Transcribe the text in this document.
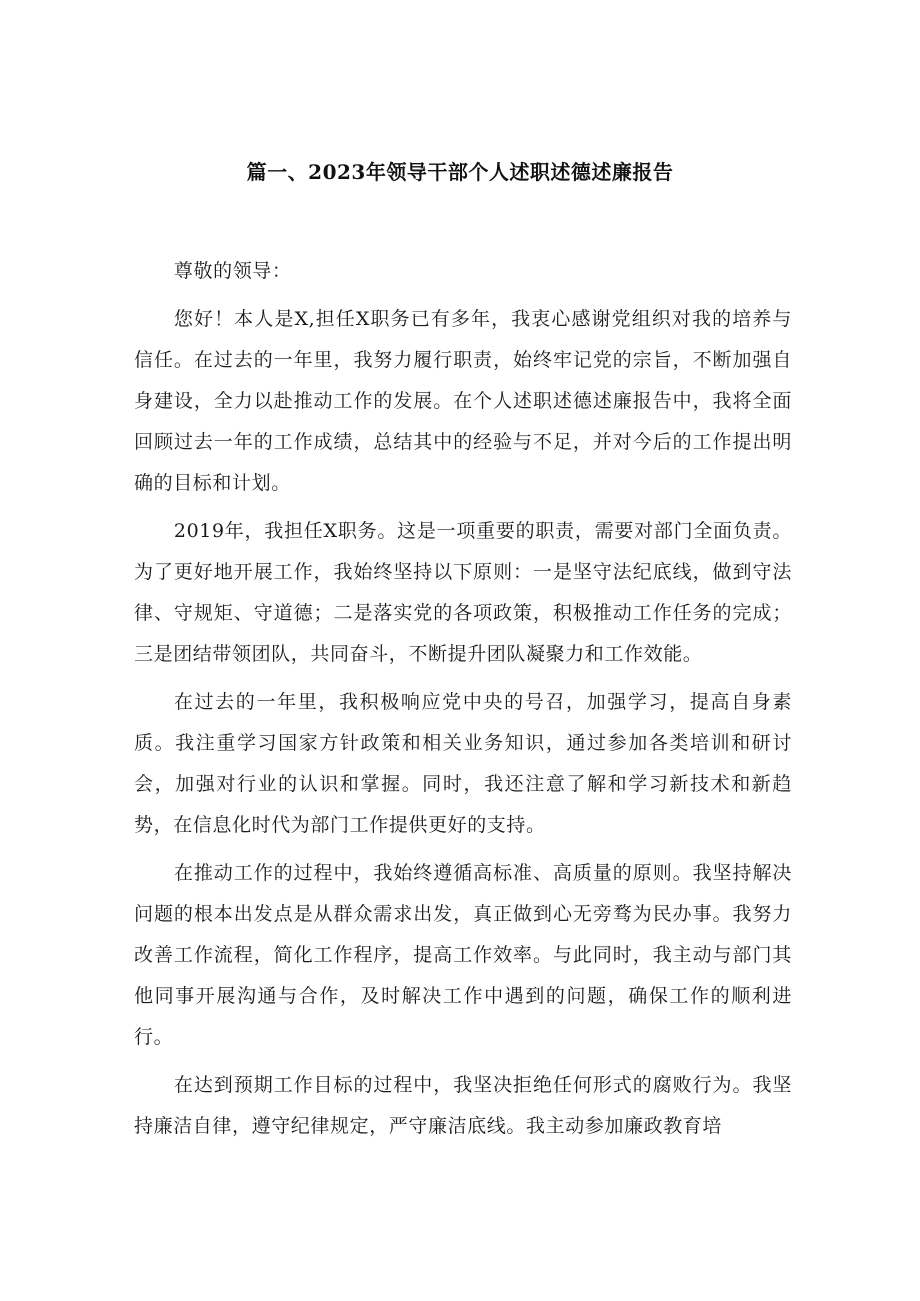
篇一、2023年领导干部个人述职述德述廉报告

尊敬的领导：

您好！本人是X,担任X职务已有多年，我衷心感谢党组织对我的培养与信任。在过去的一年里，我努力履行职责，始终牢记党的宗旨，不断加强自身建设，全力以赴推动工作的发展。在个人述职述德述廉报告中，我将全面回顾过去一年的工作成绩，总结其中的经验与不足，并对今后的工作提出明确的目标和计划。

2019年，我担任X职务。这是一项重要的职责，需要对部门全面负责。为了更好地开展工作，我始终坚持以下原则：一是坚守法纪底线，做到守法律、守规矩、守道德；二是落实党的各项政策，积极推动工作任务的完成；三是团结带领团队，共同奋斗，不断提升团队凝聚力和工作效能。

在过去的一年里，我积极响应党中央的号召，加强学习，提高自身素质。我注重学习国家方针政策和相关业务知识，通过参加各类培训和研讨会，加强对行业的认识和掌握。同时，我还注意了解和学习新技术和新趋势，在信息化时代为部门工作提供更好的支持。

在推动工作的过程中，我始终遵循高标准、高质量的原则。我坚持解决问题的根本出发点是从群众需求出发，真正做到心无旁骛为民办事。我努力改善工作流程，简化工作程序，提高工作效率。与此同时，我主动与部门其他同事开展沟通与合作，及时解决工作中遇到的问题，确保工作的顺利进行。

在达到预期工作目标的过程中，我坚决拒绝任何形式的腐败行为。我坚持廉洁自律，遵守纪律规定，严守廉洁底线。我主动参加廉政教育培
